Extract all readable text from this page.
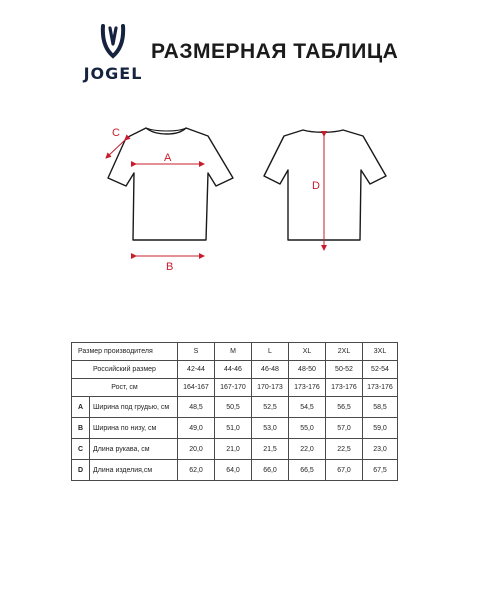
JOGEL
РАЗМЕРНАЯ ТАБЛИЦА
A
B
C
D
Размер производителя		S	M	L	XL	2XL	3XL
Российский размер		42-44	44-46	46-48	48-50	50-52	52-54
Рост, см		164-167	167-170	170-173	173-176	173-176	173-176
A	Ширина под грудью, см	48,5	50,5	52,5	54,5	56,5	58,5
B	Ширина по низу, см	49,0	51,0	53,0	55,0	57,0	59,0
C	Длина рукава, см	20,0	21,0	21,5	22,0	22,5	23,0
D	Длина изделия,см	62,0	64,0	66,0	66,5	67,0	67,5
